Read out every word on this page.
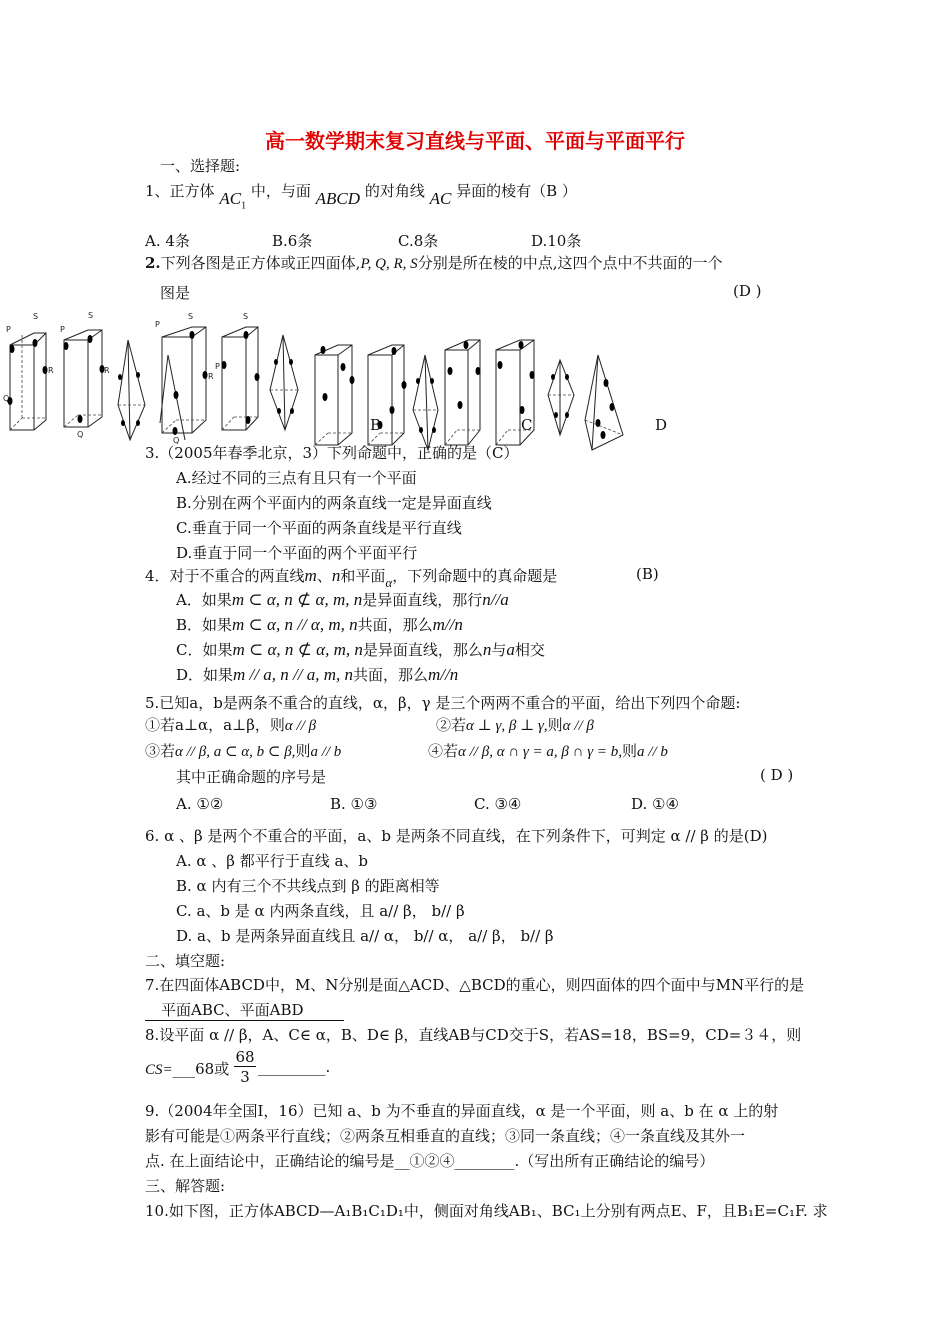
高一数学期末复习直线与平面、平面与平面平行
一、选择题:
1、正方体 $AC_1$ 中，与面 ABCD 的对角线 AC 异面的棱有（B ）
A. 4条	B.6条	C.8条	D.10条
2.下列各图是正方体或正四面体,P, Q, R, S分别是所在棱的中点,这四个点中不共面的一个
图是	(D )
S
P
R
Q
S
P
R
Q
S
P
R
Q
S
P
B	C	D
3.（2005年春季北京，3）下列命题中，正确的是（C）
A.经过不同的三点有且只有一个平面
B.分别在两个平面内的两条直线一定是异面直线
C.垂直于同一个平面的两条直线是平行直线
D.垂直于同一个平面的两个平面平行
4．对于不重合的两直线m、n和平面α，下列命题中的真命题是	(B)
A．如果m ⊂ α, n ⊄ α, m, n是异面直线，那行n//a
B．如果m ⊂ α, n // α, m, n共面，那么m//n
C．如果m ⊂ α, n ⊄ α, m, n是异面直线，那么n与a相交
D．如果m // a, n // a, m, n共面，那么m//n
5.已知a，b是两条不重合的直线，α，β，γ 是三个两两不重合的平面，给出下列四个命题:
①若a⊥α，a⊥β，则α // β	②若α ⊥ γ, β ⊥ γ,则α // β
③若α // β, a ⊂ α, b ⊂ β,则a // b	④若α // β, α ∩ γ = a, β ∩ γ = b,则a // b
其中正确命题的序号是	( D )
A. ①②	B. ①③	C. ③④	D. ①④
6. α 、β 是两个不重合的平面，a、b 是两条不同直线，在下列条件下，可判定 α // β 的是(D)
A. α 、β 都平行于直线 a、b
B. α 内有三个不共线点到 β 的距离相等
C. a、b 是 α 内两条直线，且 a// β， b// β
D. a、b 是两条异面直线且 a// α， b// α， a// β， b// β
二、填空题:
7.在四面体ABCD中，M、N分别是面△ACD、△BCD的重心，则四面体的四个面中与MN平行的是
平面ABC、平面ABD
8.设平面 α // β，A、C∈ α，B、D∈ β，直线AB与CD交于S，若AS=18，BS=9，CD=３４，则
CS=___68或 $\frac{68}{3}$ _________.
9.（2004年全国Ⅰ，16）已知 a、b 为不垂直的异面直线，α 是一个平面，则 a、b 在 α 上的射
影有可能是①两条平行直线；②两条互相垂直的直线；③同一条直线；④一条直线及其外一
点. 在上面结论中，正确结论的编号是__①②④________.（写出所有正确结论的编号）
三、解答题:
10.如下图，正方体ABCD—A₁B₁C₁D₁中，侧面对角线AB₁、BC₁上分别有两点E、F，且B₁E=C₁F. 求
